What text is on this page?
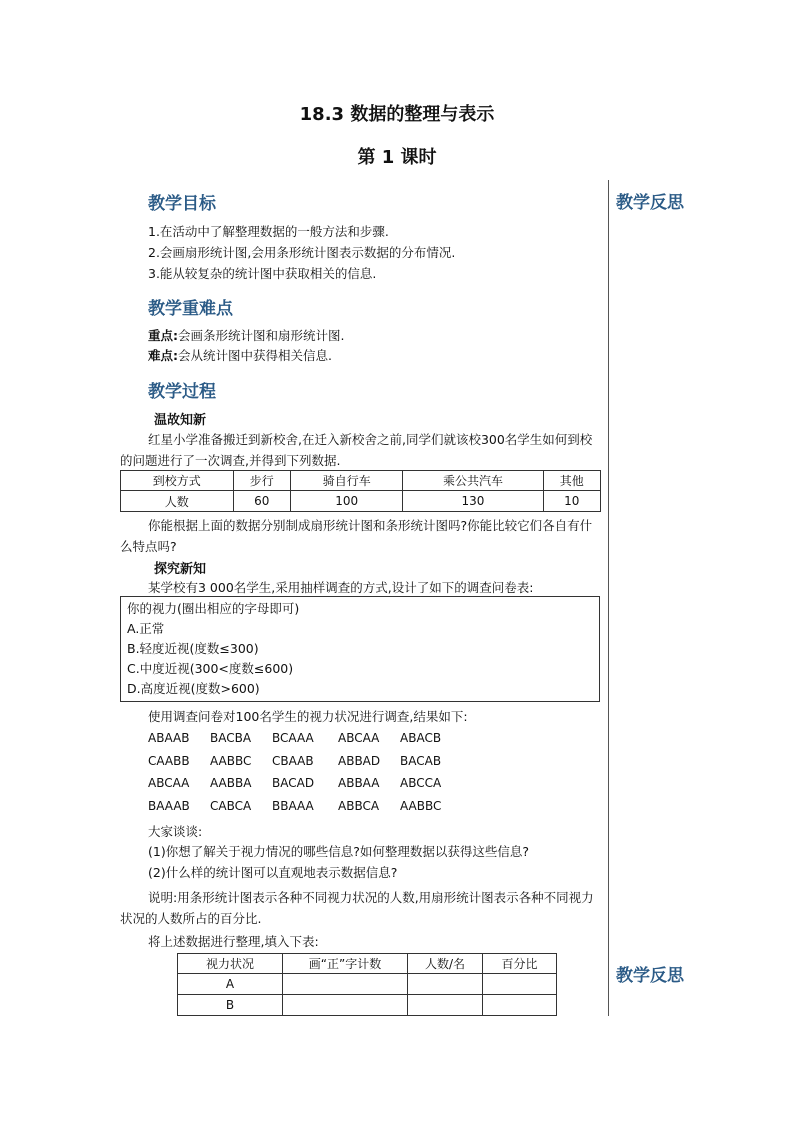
18.3 数据的整理与表示
第 1 课时
教学反思
教学反思
教学目标
1.在活动中了解整理数据的一般方法和步骤.
2.会画扇形统计图,会用条形统计图表示数据的分布情况.
3.能从较复杂的统计图中获取相关的信息.
教学重难点
重点:会画条形统计图和扇形统计图.
难点:会从统计图中获得相关信息.
教学过程
温故知新
红星小学准备搬迁到新校舍,在迁入新校舍之前,同学们就该校300名学生如何到校的问题进行了一次调查,并得到下列数据.
到校方式	步行	骑自行车	乘公共汽车	其他
人数	60	100	130	10
你能根据上面的数据分别制成扇形统计图和条形统计图吗?你能比较它们各自有什么特点吗?
探究新知
某学校有3 000名学生,采用抽样调查的方式,设计了如下的调查问卷表:
你的视力(圈出相应的字母即可)
A.正常
B.轻度近视(度数≤300)
C.中度近视(300<度数≤600)
D.高度近视(度数>600)
使用调查问卷对100名学生的视力状况进行调查,结果如下:
ABAAB	BACBA	BCAAA	ABCAA	ABACB
CAABB	AABBC	CBAAB	ABBAD	BACAB
ABCAA	AABBA	BACAD	ABBAA	ABCCA
BAAAB	CABCA	BBAAA	ABBCA	AABBC
大家谈谈:
(1)你想了解关于视力情况的哪些信息?如何整理数据以获得这些信息?
(2)什么样的统计图可以直观地表示数据信息?
说明:用条形统计图表示各种不同视力状况的人数,用扇形统计图表示各种不同视力状况的人数所占的百分比.
将上述数据进行整理,填入下表:
视力状况	画“正”字计数	人数/名	百分比
A			
B			
